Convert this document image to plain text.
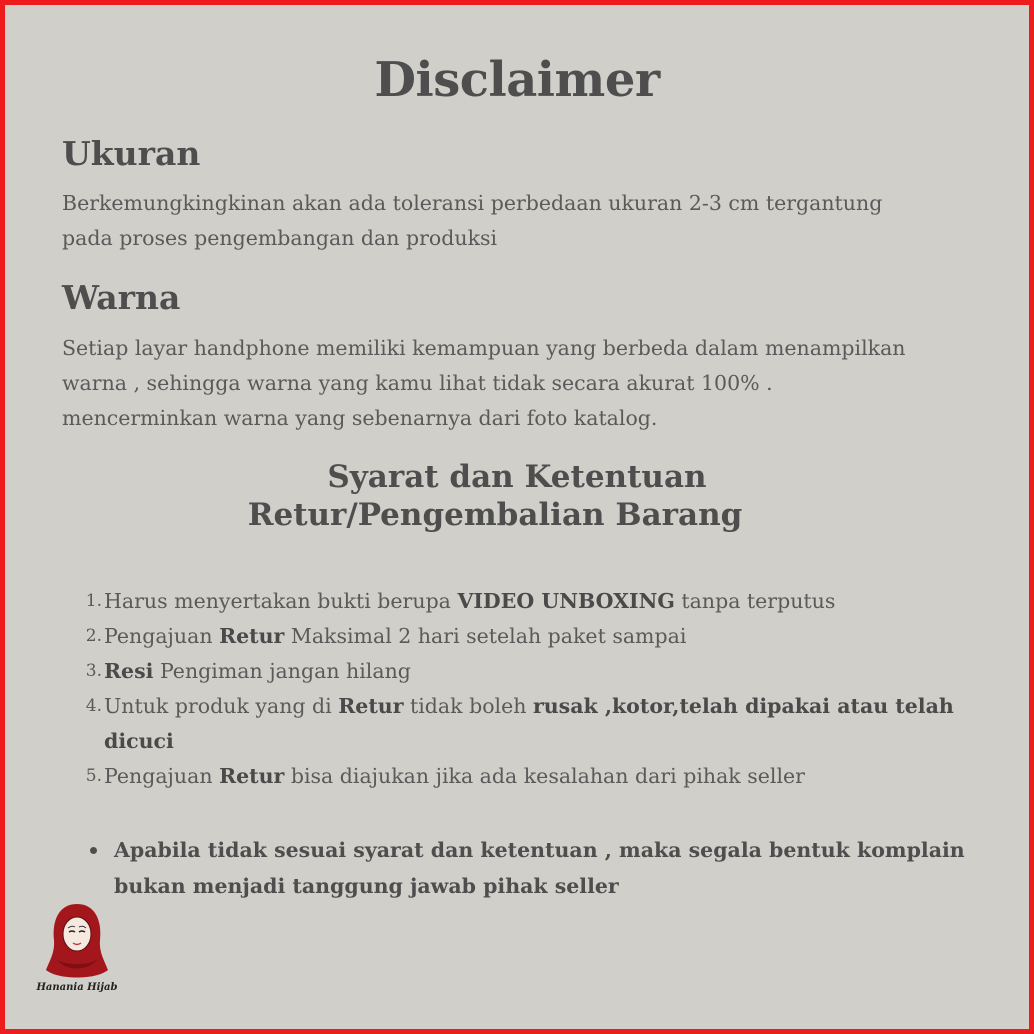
Disclaimer
Ukuran

Berkemungkingkinan akan ada toleransi perbedaan ukuran 2-3 cm tergantung
pada proses pengembangan dan produksi

Warna

Setiap layar handphone memiliki kemampuan yang berbeda dalam menampilkan
warna , sehingga warna yang kamu lihat tidak secara akurat 100% .
mencerminkan warna yang sebenarnya dari foto katalog.

Syarat dan Ketentuan
Retur/Pengembalian Barang
1. Harus menyertakan bukti berupa VIDEO UNBOXING tanpa terputus
2. Pengajuan Retur Maksimal 2 hari setelah paket sampai
3. Resi Pengiman jangan hilang
4. Untuk produk yang di Retur tidak boleh rusak ,kotor,telah dipakai atau telah dicuci
5. Pengajuan Retur bisa diajukan jika ada kesalahan dari pihak seller
Apabila tidak sesuai syarat dan ketentuan , maka segala bentuk komplain bukan menjadi tanggung jawab pihak seller
Hanania Hijab
